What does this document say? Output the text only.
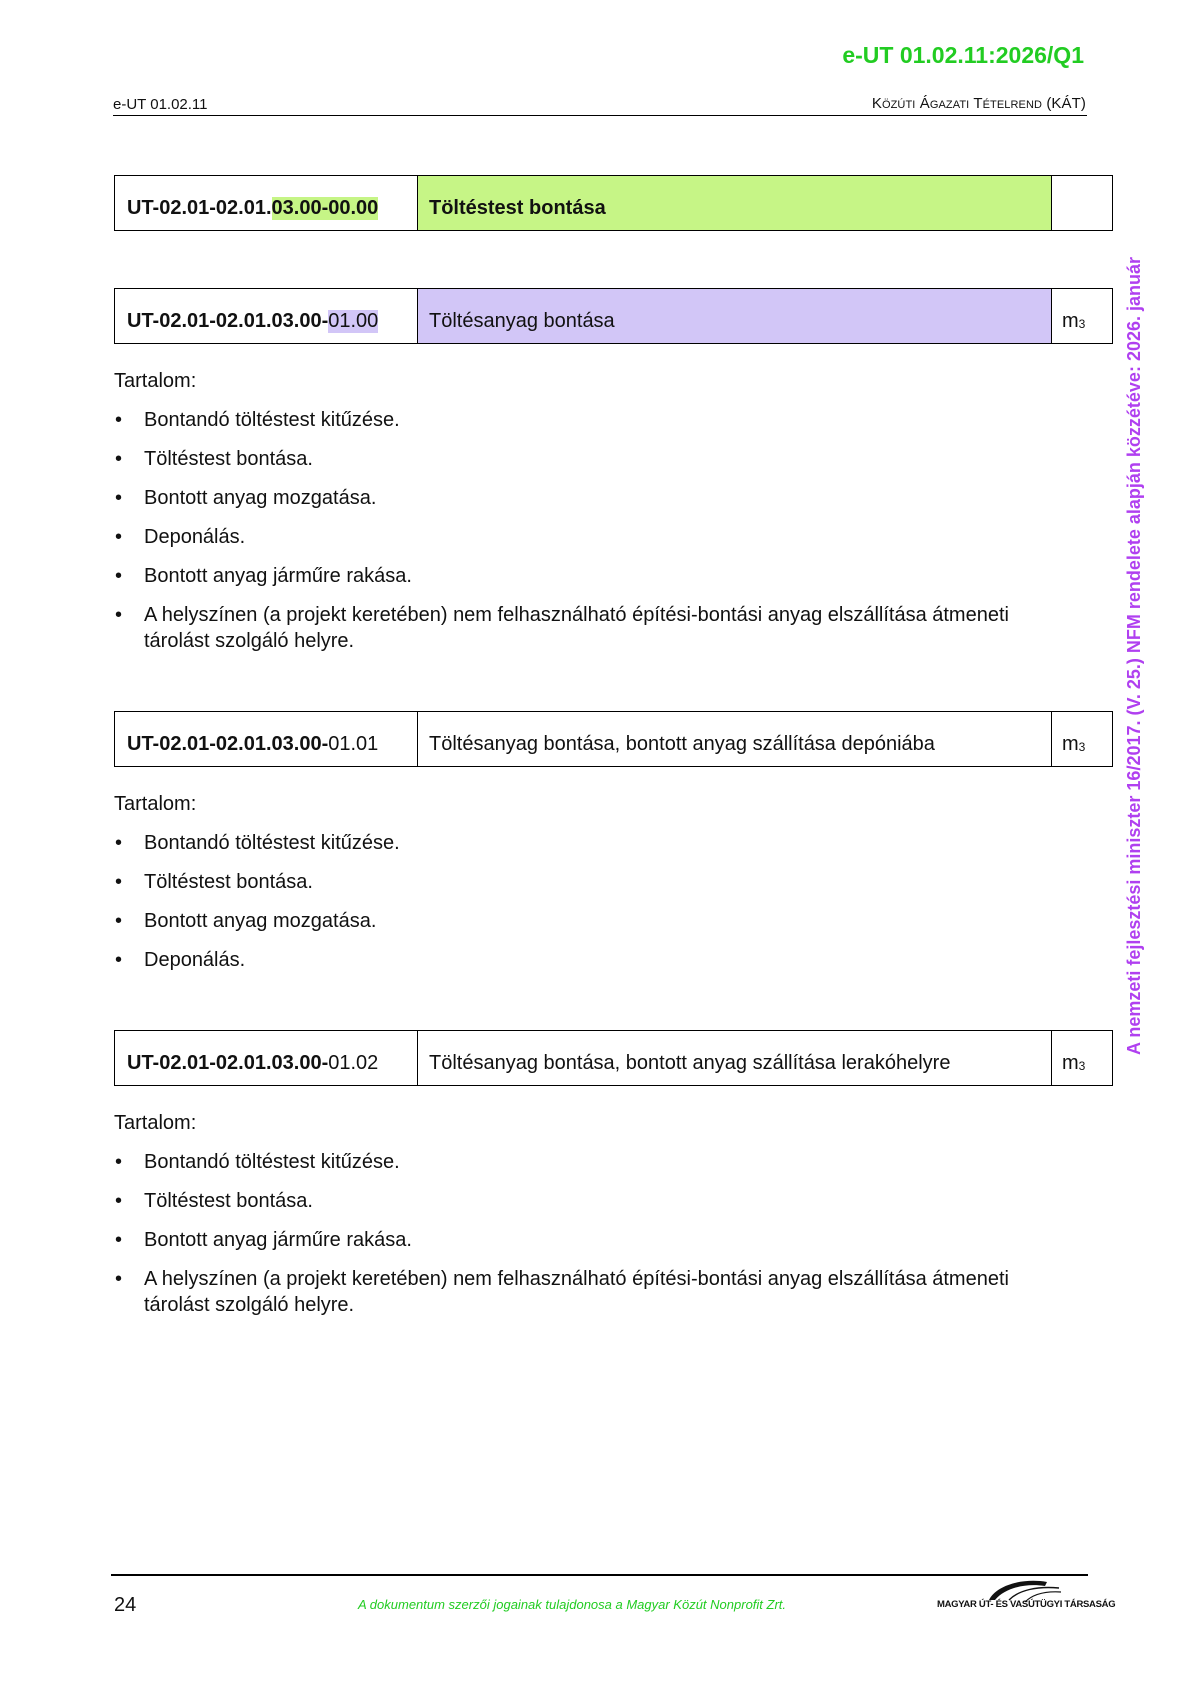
e-UT 01.02.11:2026/Q1
e-UT 01.02.11	Közúti Ágazati Tételrend (KÁT)
UT-02.01-02.01. 03.00-00.00	Töltéstest bontása
UT-02.01-02.01.03.00- 01.00	Töltésanyag bontása	$m^3$
Tartalom:
• Bontandó töltéstest kitűzése.
• Töltéstest bontása.
• Bontott anyag mozgatása.
• Deponálás.
• Bontott anyag járműre rakása.
• A helyszínen (a projekt keretében) nem felhasználható építési-bontási anyag elszállítása átmeneti tárolást szolgáló helyre.
UT-02.01-02.01.03.00- 01.01	Töltésanyag bontása, bontott anyag szállítása depóniába	$m^3$
Tartalom:
• Bontandó töltéstest kitűzése.
• Töltéstest bontása.
• Bontott anyag mozgatása.
• Deponálás.
UT-02.01-02.01.03.00- 01.02	Töltésanyag bontása, bontott anyag szállítása lerakóhelyre	$m^3$
Tartalom:
• Bontandó töltéstest kitűzése.
• Töltéstest bontása.
• Bontott anyag járműre rakása.
• A helyszínen (a projekt keretében) nem felhasználható építési-bontási anyag elszállítása átmeneti tárolást szolgáló helyre.
A nemzeti fejlesztési miniszter 16/2017. (V. 25.) NFM rendelete alapján közzétéve: 2026. január
24	A dokumentum szerzői jogainak tulajdonosa a Magyar Közút Nonprofit Zrt.	MAGYAR ÚT- ÉS VASÚTÜGYI TÁRSASÁG
